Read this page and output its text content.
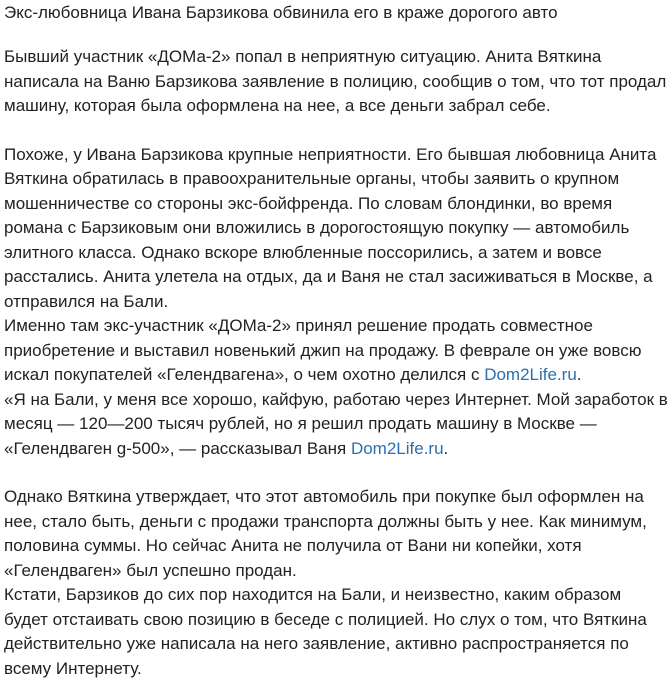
Экс-любовница Ивана Барзикова обвинила его в краже дорогого авто

Бывший участник «ДОМа-2» попал в неприятную ситуацию. Анита Вяткина написала на Ваню Барзикова заявление в полицию, сообщив о том, что тот продал машину, которая была оформлена на нее, а все деньги забрал себе.

Похоже, у Ивана Барзикова крупные неприятности. Его бывшая любовница Анита Вяткина обратилась в правоохранительные органы, чтобы заявить о крупном мошенничестве со стороны экс-бойфренда. По словам блондинки, во время романа с Барзиковым они вложились в дорогостоящую покупку — автомобиль элитного класса. Однако вскоре влюбленные поссорились, а затем и вовсе расстались. Анита улетела на отдых, да и Ваня не стал засиживаться в Москве, а отправился на Бали.

Именно там экс-участник «ДОМа-2» принял решение продать совместное приобретение и выставил новенький джип на продажу. В феврале он уже вовсю искал покупателей «Гелендвагена», о чем охотно делился с Dom2Life.ru.

«Я на Бали, у меня все хорошо, кайфую, работаю через Интернет. Мой заработок в месяц — 120—200 тысяч рублей, но я решил продать машину в Москве — «Гелендваген g-500», — рассказывал Ваня Dom2Life.ru.

Однако Вяткина утверждает, что этот автомобиль при покупке был оформлен на нее, стало быть, деньги с продажи транспорта должны быть у нее. Как минимум, половина суммы. Но сейчас Анита не получила от Вани ни копейки, хотя «Гелендваген» был успешно продан.

Кстати, Барзиков до сих пор находится на Бали, и неизвестно, каким образом будет отстаивать свою позицию в беседе с полицией. Но слух о том, что Вяткина действительно уже написала на него заявление, активно распространяется по всему Интернету.
